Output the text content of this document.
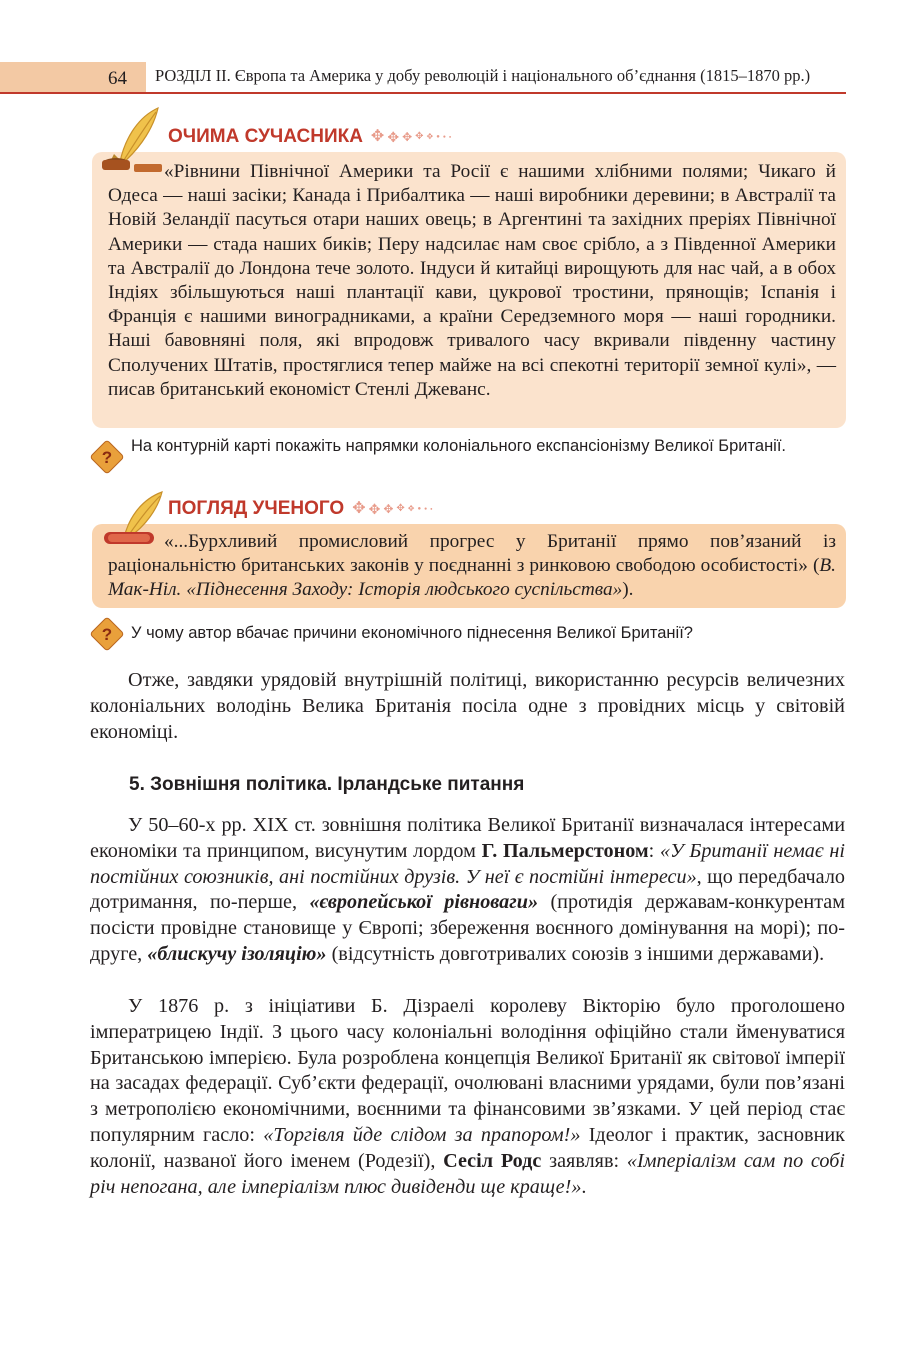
64 РОЗДІЛ ІІ. Європа та Америка у добу революцій і національного об’єднання (1815–1870 рр.)

«Рівнини Північної Америки та Росії є нашими хлібними полями; Чикаго й Одеса — наші засіки; Канада і Прибалтика — наші виробники деревини; в Австралії та Новій Зеландії пасуться отари наших овець; в Аргентині та західних преріях Північної Америки — стада наших биків; Перу надсилає нам своє срібло, а з Південної Америки та Австралії до Лондона тече золото. Індуси й китайці вирощують для нас чай, а в обох Індіях збільшуються наші плантації кави, цукрової тростини, прянощів; Іспанія і Франція є нашими виноградниками, а країни Середземного моря — наші городники. Наші бавовняні поля, які впродовж тривалого часу вкривали південну частину Сполучених Штатів, простяглися тепер майже на всі спекотні території земної кулі», — писав британський економіст Стенлі Джеванс.

ОЧИМА СУЧАСНИКА ✥ ✥ ✥ ✥ ✥ ● ● ●
?
На контурній карті покажіть напрямки колоніального експансіонізму Великої Британії.

«...Бурхливий промисловий прогрес у Британії прямо пов’язаний із раціональністю британських законів у поєднанні з ринковою свободою особистості» (В. Мак-Ніл. «Піднесення Заходу: Історія людського суспільства»).

ПОГЛЯД УЧЕНОГО ✥ ✥ ✥ ✥ ✥ ● ● ●
? У чому автор вбачає причини економічного піднесення Великої Британії?

Отже, завдяки урядовій внутрішній політиці, використанню ресурсів величезних колоніальних володінь Велика Британія посіла одне з провідних місць у світовій економіці.

5. Зовнішня політика. Ірландське питання

У 50–60-х рр. XIX ст. зовнішня політика Великої Британії визначалася інтересами економіки та принципом, висунутим лордом Г. Пальмерстоном: «У Британії немає ні постійних союзників, ані постійних друзів. У неї є постійні інтереси», що передбачало дотримання, по-перше, «європейської рівноваги» (протидія державам-конкурентам посісти провідне становище у Європі; збереження воєнного домінування на морі); по-друге, «блискучу ізоляцію» (відсутність довготривалих союзів з іншими державами).

У 1876 р. з ініціативи Б. Дізраелі королеву Вікторію було проголошено імператрицею Індії. З цього часу колоніальні володіння офіційно стали йменуватися Британською імперією. Була розроблена концепція Великої Британії як світової імперії на засадах федерації. Суб’єкти федерації, очолювані власними урядами, були пов’язані з метрополією економічними, воєнними та фінансовими зв’язками. У цей період стає популярним гасло: «Торгівля йде слідом за прапором!» Ідеолог і практик, засновник колонії, названої його іменем (Родезії), Сесіл Родс заявляв: «Імперіалізм сам по собі річ непогана, але імперіалізм плюс дивіденди ще краще!».
